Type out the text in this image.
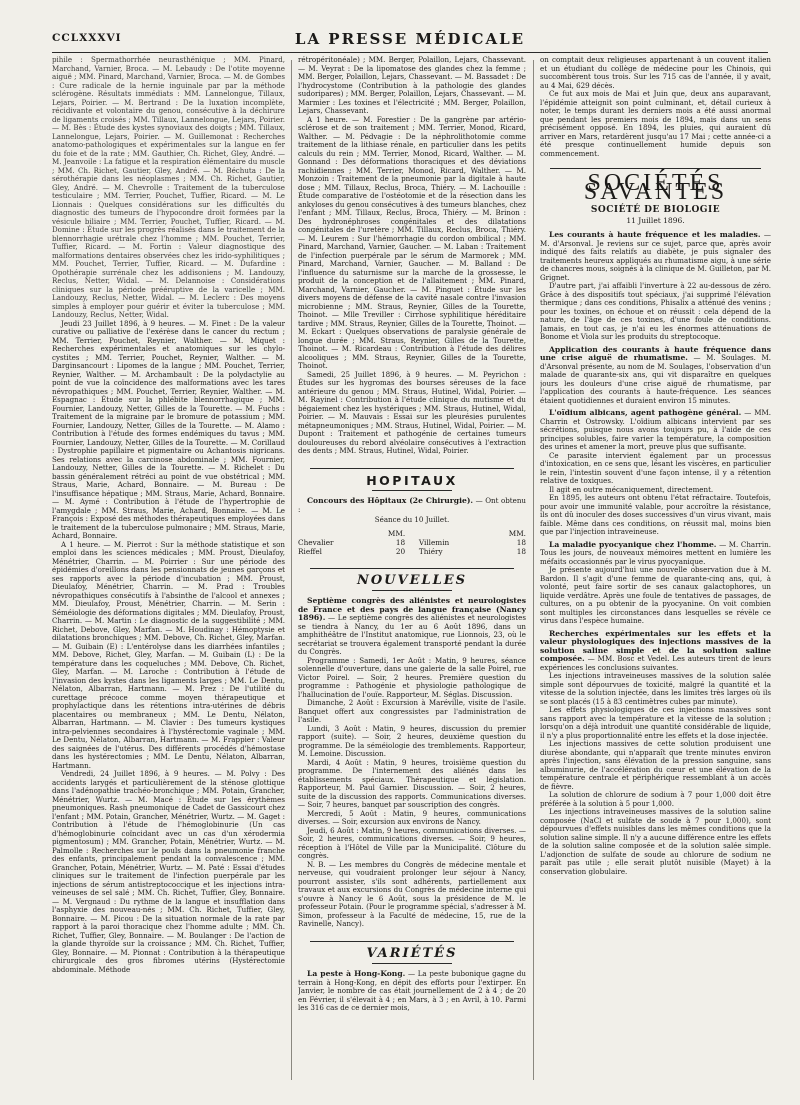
CCLXXXVI	LA PRESSE MÉDICALE

pihile : Spermathorrhée neurasthénique ; MM. Pinard, Marchand, Varnier, Broca. — M. Lebaudy : De l'otite moyenne aiguë ; MM. Pinard, Marchand, Varnier, Broca. — M. de Gombes : Cure radicale de la hernie inguinale par par la méthode sclérogène. Résultats immédiats : MM. Lannelongue, Tillaux, Lejars, Poirier. — M. Bertrand : De la luxation incomplète, récidivante et volontaire du genou, consécutive à la déchirure de ligaments croisés ; MM. Tillaux, Lannelongue, Lejars, Poirier. — M. Bès : Étude des kystes synoviaux des doigts ; MM. Tillaux, Lannelongue, Lejars, Poirier. — M. Guillemonat : Recherches anatomo-pathologiques et expérimentales sur la langue en fer du foie et de la rate ; MM. Gauthier, Ch. Richet, Gley, André. — M. Jeanvoile : La fatigue et la respiration élémentaire du muscle ; MM. Ch. Richet, Gautier, Gley, André. — M. Béchuta : De la sérothérapie dans les néoplasmes ; MM. Ch. Richet, Gautier, Gley, André. — M. Chevrolle : Traitement de la tuberculose testiculaire ; MM. Terrier, Pouchet, Tuffier, Ricard. — M. Le Lionnais : Quelques considérations sur les difficultés du diagnostic des tumeurs de l'hypocondre droit formées par la vésicule biliaire ; MM. Terrier, Pouchet, Tuffier, Ricard. — M. Domine : Étude sur les progrès réalisés dans le traitement de la blennorrhagie urétrale chez l'homme ; MM. Pouchet, Terrier, Tuffier, Ricard. — M. Fortin : Valeur diagnostique des malformations dentaires observées chez les irido-syphilitiques ; MM. Pouchet, Terrier, Tuffier, Ricard. — M. Dufardine : Opothérapie surrénale chez les addisoniens ; M. Landouzy, Reclus, Netter, Widal. — M. Delannoise : Considérations cliniques sur la période prééruptive de la varicelle ; MM. Landouzy, Reclus, Netter, Widal. — M. Leclerc : Des moyens simples à employer pour guérir et éviter la tuberculose ; MM. Landouzy, Reclus, Netter, Widal.

Jeudi 23 Juillet 1896, à 9 heures. — M. Finet : De la valeur curative ou palliative de l'exérèse dans le cancer du rectum ; MM. Terrier, Pouchet, Reynier, Walther. — M. Miquet : Recherches expérimentales et anatomiques sur les chylo-cystites ; MM. Terrier, Pouchet, Reynier, Walther. — M. Darginsancourt : Lipomes de la langue ; MM. Pouchet, Terrier, Reynier, Walther. — M. Archambault : De la polydactylie au point de vue la coïncidence des malformations avec les tares névropathiques ; MM. Pouchet, Terrier, Reynier, Walther. — M. Espagnac : Étude sur la phlébite blennorrhagique ; MM. Fournier, Landouzy, Netter, Gilles de la Tourette. — M. Fuchs : Traitement de la migraine par le bromure de potassium ; MM. Fournier, Landouzy, Netter, Gilles de la Tourette. — M. Alamo : Contribution à l'étude des formes endémiques du tavus ; MM. Fournier, Landouzy, Netter, Gilles de la Tourette. — M. Corillaud : Dystrophie papillaire et pigmentaire ou Achantosis nigricans. Ses relations avec la carcinose abdominale ; MM. Fournier, Landouzy, Netter, Gilles de la Tourette. — M. Richelet : Du bassin généralement rétréci au point de vue obstétrical ; MM. Straus, Marie, Achard, Bonnaire. — M. Bureau : De l'insuffisance hépatique ; MM. Straus, Marie, Achard, Bonnaire. — M. Aymé : Contribution à l'étude de l'hypertrophie de l'amygdale ; MM. Straus, Marie, Achard, Bonnaire. — M. Le François : Exposé des méthodes thérapeutiques employées dans le traitement de la tuberculose pulmonaire ; MM. Straus, Marie, Achard, Bonnaire.

A 1 heure. — M. Pierrot : Sur la méthode statistique et son emploi dans les sciences médicales ; MM. Proust, Dieulafoy, Ménétrier, Charrin. — M. Poirrier : Sur une période des épidémies d'oreillons dans les pensionnats de jeunes garçons et ses rapports avec la période d'incubation ; MM. Proust, Dieulafoy, Ménétrier, Charrin. — M. Prad : Troubles névropathiques consécutifs à l'absinthe de l'alcool et annexes ; MM. Dieulafoy, Proust, Ménétrier, Charrin. — M. Serin : Séméiologie des déformations digitales ; MM. Dieulafoy, Proust, Charrin. — M. Martin : Le diagnostic de la suggestibilité ; MM. Richet, Debove, Gley, Marfan. — M. Houdinay : Hémoptysie et dilatations bronchiques ; MM. Debove, Ch. Richet, Gley, Marfan. — M. Guibain (E) : L'entérolyse dans les diarrhées infantiles ; MM. Debove, Richet, Gley, Marfan. — M. Guibain (L) : De la température dans les coqueluches ; MM. Debove, Ch. Richet, Gley, Marfan. — M. Laroche : Contribution à l'étude de l'invasion des kystes dans les ligaments larges ; MM. Le Dentu, Nélaton, Albarran, Hartmann. — M. Prez : De l'utilité du curettage précoce comme moyen thérapeutique et prophylactique dans les rétentions intra-utérines de débris placentaires ou membraneux ; MM. Le Dentu, Nélaton, Albarran, Hartmann. — M. Clavier : Des tumeurs kystiques intra-pelviennes secondaires à l'hystérectomie vaginale ; MM. Le Dentu, Nélaton, Albarran, Hartmann. — M. Frappier : Valeur des saignées de l'utérus. Des différents procédés d'hémostase dans les hystérectomies ; MM. Le Dentu, Nélaton, Albarran, Hartmann.

Vendredi, 24 Juillet 1896, à 9 heures. — M. Polvy : Des accidents larygés et particulièrement de la sténose glottique dans l'adénopathie trachéo-bronchique ; MM. Potain, Grancher, Ménétrier, Wurtz. — M. Macé : Étude sur les érythèmes pneumoniques. Rash pneumonique de Cadet de Gassicourt chez l'enfant ; MM. Potain, Grancher, Ménétrier, Wurtz. — M. Gaget : Contribution à l'étude de l'hémoglobinurie (Un cas d'hémoglobinurie coïncidant avec un cas d'un xérodermia pigmentosum) ; MM. Grancher, Potain, Ménétrier, Wurtz. — M. Palmolle : Recherches sur le pouls dans la pneumonie franche des enfants, principalement pendant la convalescence ; MM. Grancher, Potain, Ménétrier, Wurtz. — M. Paté : Essai d'études cliniques sur le traitement de l'infection puerpérale par les injections de sérum antistreptococcique et les injections intra-veineuses de sel salé ; MM. Ch. Richet, Tuffier, Gley, Bonnaire. — M. Vergnaud : Du rythme de la langue et insufflation dans l'asphyxie des nouveau-nés ; MM. Ch. Richet, Tuffier, Gley, Bonnaire. — M. Picou : De la situation normale de la rate par rapport à la paroi thoracique chez l'homme adulte ; MM. Ch. Richet, Tuffier, Gley, Bonnaire. — M. Boulanger : De l'action de la glande thyroïde sur la croissance ; MM. Ch. Richet, Tuffier, Gley, Bonnaire. — M. Pionnat : Contribution à la thérapeutique chirurgicale des gros fibromes utérins (Hystérectomie abdominale. Méthode

rétropéritonéale) ; MM. Berger, Polaillon, Lejars, Chassevant. — M. Veyrat : De la lipomatose des glandes chez la femme ; MM. Berger, Polaillon, Lejars, Chassevant. — M. Bassadet : De l'hydrocystome (Contribution à la pathologie des glandes sudoripares) ; MM. Berger, Polaillon, Lejars, Chassevant. — M. Marmier : Les toxines et l'électricité ; MM. Berger, Polaillon, Lejars, Chassevant.

A 1 heure. — M. Forestier : De la gangrène par artério-sclérose et de son traitement ; MM. Terrier, Monod, Ricard, Walther. — M. Pédvagie : De la néphrolithotomie comme traitement de la lithiase rénale, en particulier dans les petits calculs du rein ; MM. Terrier, Monod, Ricard, Walther. — M. Gonnand : Des déformations thoraciques et des déviations rachidiennes ; MM. Terrier, Monod, Ricard, Walther. — M. Monzoin : Traitement de la pneumonie par la digitale à haute dose ; MM. Tillaux, Reclus, Broca, Thiéry. — M. Lachouille : Étude comparative de l'ostéotomie et de la résection dans les ankyloses du genou consécutives à des tumeurs blanches, chez l'enfant ; MM. Tillaux, Reclus, Broca, Thiéry. — M. Brinon : Des hydronéphroses congénitales et des dilatations congénitales de l'uretère ; MM. Tillaux, Reclus, Broca, Thiéry. — M. Leurem : Sur l'hémorrhagie du cordon ombilical ; MM. Pinard, Marchand, Varnier, Gaucher. — M. Laban : Traitement de l'infection puerpérale par le sérum de Marmorek ; MM. Pinard, Marchand, Varnier, Gaucher. — M. Balland : De l'influence du saturnisme sur la marche de la grossesse, le produit de la conception et de l'allaitement ; MM. Pinard, Marchand, Varnier, Gaucher. — M. Pinguet : Étude sur les divers moyens de défense de la cavité nasale contre l'invasion microbienne ; MM. Straus, Reynier, Gilles de la Tourette, Thoinot. — Mlle Treviller : Cirrhose syphilitique héréditaire tardive ; MM. Straus, Reynier, Gilles de la Tourette, Thoinot. — M. Eckart : Quelques observations de paralysie générale de longue durée ; MM. Straus, Reynier, Gilles de la Tourette, Thoinot. — M. Ricardeau : Contribution à l'étude des délires alcooliques ; MM. Straus, Reynier, Gilles de la Tourette, Thoinot.

Samedi, 25 Juillet 1896, à 9 heures. — M. Peyrichon : Études sur les hygromas des bourses séreuses de la face antérieure du genou ; MM. Straus, Hutinel, Widal, Poirier. — M. Rayinel : Contribution à l'étude clinique du mutisme et du bégaiement chez les hystériques ; MM. Straus, Hutinel, Widal, Poirier. — M. Mauvais : Essai sur les pleurésies purulentes métapneumoniques ; MM. Straus, Hutinel, Widal, Poirier. — M. Dupont : Traitement et pathogénie de certaines tumeurs douloureuses du rebord alvéolaire consécutives à l'extraction des dents ; MM. Straus, Hutinel, Widal, Poirier.

HOPITAUX

Concours des Hôpitaux (2e Chirurgie). — Ont obtenu :

Séance du 10 Juillet.
MM.	MM.
Chevalier	18 Villemin	18
Rieffel	20 Thiéry	18
NOUVELLES

Septième congrès des aliénistes et neurologistes de France et des pays de langue française (Nancy 1896). — Le septième congrès des aliénistes et neurologistes se tiendra à Nancy, du 1er au 6 Août 1896, dans un amphithéâtre de l'Institut anatomique, rue Lionnois, 23, où le secrétariat se trouvera également transporté pendant la durée du Congrès.

Programme : Samedi, 1er Août : Matin, 9 heures, séance solennelle d'ouverture, dans une galerie de la salle Poirel, rue Victor Poirel. — Soir, 2 heures. Première question du programme : Pathogénie et physiologie pathologique de l'hallucination de l'ouïe. Rapporteur, M. Séglas. Discussion.

Dimanche, 2 Août : Excursion à Maréville, visite de l'asile. Banquet offert aux congressistes par l'administration de l'asile.

Lundi, 3 Août : Matin, 9 heures, discussion du premier rapport (suite). — Soir, 2 heures, deuxième question du programme. De la séméiologie des tremblements. Rapporteur, M. Lemoine. Discussion.

Mardi, 4 Août : Matin, 9 heures, troisième question du programme. De l'internement des aliénés dans les établissements spéciaux. Thérapeutique et législation. Rapporteur, M. Paul Garnier. Discussion. — Soir, 2 heures, suite de la discussion des rapports. Communications diverses. — Soir, 7 heures, banquet par souscription des congrès.

Mercredi, 5 Août : Matin, 9 heures, communications diverses. — Soir, excursion aux environs de Nancy.

Jeudi, 6 Août : Matin, 9 heures, communications diverses. — Soir, 2 heures, communications diverses. — Soir, 9 heures, réception à l'Hôtel de Ville par la Municipalité. Clôture du congrès.

N. B. — Les membres du Congrès de médecine mentale et nerveuse, qui voudraient prolonger leur séjour à Nancy, pourront assister, s'ils sont adhérents, partiellement aux travaux et aux excursions du Congrès de médecine interne qui s'ouvre à Nancy le 6 Août, sous la présidence de M. le professeur Potain. (Pour le programme spécial, s'adresser à M. Simon, professeur à la Faculté de médecine, 15, rue de la Ravinelle, Nancy).

VARIÉTÉS

La peste à Hong-Kong. — La peste bubonique gagne du terrain à Hong-Kong, en dépit des efforts pour l'extirper. En Janvier, le nombre de cas était journellement de 2 à 4 ; de 20 en Février, il s'élevait à 4 ; en Mars, à 3 ; en Avril, à 10. Parmi les 316 cas de ce dernier mois,

on comptait deux religieuses appartenant à un couvent italien et un étudiant du collège de médecine pour les Chinois, qui succombèrent tous trois. Sur les 715 cas de l'année, il y avait, au 4 Mai, 629 décès.

Ce fut aux mois de Mai et Juin que, deux ans auparavant, l'épidémie atteignit son point culminant, et, détail curieux à noter, le temps durant les derniers mois a été aussi anormal que pendant les premiers mois de 1894, mais dans un sens précisément opposé. En 1894, les pluies, qui auraient dû arriver en Mars, retardèrent jusqu'au 17 Mai ; cette année-ci a été presque continuellement humide depuis son commencement.

SOCIÉTÉS SAVANTES
SOCIÉTÉ DE BIOLOGIE
11 Juillet 1896.

Les courants à haute fréquence et les maladies. — M. d'Arsonval. Je reviens sur ce sujet, parce que, après avoir indiqué des faits relatifs au diabète, je puis signaler des traitements heureux appliqués au rhumatisme aigu, à une série de chancres mous, soignés à la clinique de M. Guilleton, par M. Grignet.

D'autre part, j'ai affaibli l'inverture à 22 au-dessous de zéro. Grâce à des dispositifs tout spéciaux, j'ai supprimé l'élévation thermique ; dans ces conditions, Phisalix a atténué des venins ; pour les toxines, on échoue et on réussit : cela dépend de la nature, de l'âge de ces toxines, d'une foule de conditions. Jamais, en tout cas, je n'ai eu les énormes atténuations de Bonome et Viola sur les produits du streptocoque.

Application des courants à haute fréquence dans une crise aiguë de rhumatisme. — M. Soulages. M. d'Arsonval présente, au nom de M. Soulages, l'observation d'un malade de quarante-six ans, qui vit disparaître en quelques jours les douleurs d'une crise aiguë de rhumatisme, par l'application des courants à haute-fréquence. Les séances étaient quotidiennes et duraient environ 15 minutes.

L'oïdium albicans, agent pathogène général. — MM. Charrin et Ostrowsky. L'oïdium albicans intervient par ses sécrétions, puisque nous avons toujours pu, à l'aide de ces principes solubles, faire varier la température, la composition des urines et amener la mort, preuve plus que suffisante.

Ce parasite intervient également par un processus d'intoxication, en ce sens que, lésant les viscères, en particulier le rein, l'intestin souvent d'une façon intense, il y a rétention relative de toxiques.

Il agit en outre mécaniquement, directement.

En 1895, les auteurs ont obtenu l'état réfractaire. Toutefois, pour avoir une immunité valable, pour accroître la résistance, ils ont dû inoculer des doses successives d'un virus vivant, mais faible. Même dans ces conditions, on réussit mal, moins bien que par l'injection intraveineuse.

La maladie pyocyanique chez l'homme. — M. Charrin. Tous les jours, de nouveaux mémoires mettent en lumière les méfaits occasionnés par le virus pyocyanique.

Je présente aujourd'hui une nouvelle observation due à M. Bardon. Il s'agit d'une femme de quarante-cinq ans, qui, à volonté, peut faire sortir de ses canaux galactophores, un liquide verdâtre. Après une foule de tentatives de passages, de cultures, on a pu obtenir de la pyocyanine. On voit combien sont multiples les circonstances dans lesquelles se révèle ce virus dans l'espèce humaine.

Recherches expérimentales sur les effets et la valeur physiologiques des injections massives de la solution saline simple et de la solution saline composée. — MM. Bosc et Vedel. Les auteurs tirent de leurs expériences les conclusions suivantes.

Les injections intraveineuses massives de la solution salée simple sont dépourvues de toxicité, malgré la quantité et la vitesse de la solution injectée, dans les limites très larges où ils se sont placés (15 à 83 centimètres cubes par minute).

Les effets physiologiques de ces injections massives sont sans rapport avec la température et la vitesse de la solution ; lorsqu'on a déjà introduit une quantité considérable de liquide, il n'y a plus proportionnalité entre les effets et la dose injectée.

Les injections massives de cette solution produisent une diurèse abondante, qui n'apparaît que trente minutes environ après l'injection, sans élévation de la pression sanguine, sans albuminurie, de l'accélération du cœur et une élévation de la température centrale et périphérique ressemblant à un accès de fièvre.

La solution de chlorure de sodium à 7 pour 1,000 doit être préférée à la solution à 5 pour 1,000.

Les injections intraveineuses massives de la solution saline composée (NaCl et sulfate de soude à 7 pour 1,000), sont dépourvues d'effets nuisibles dans les mêmes conditions que la solution saline simple. Il n'y a aucune différence entre les effets de la solution saline composée et de la solution salée simple. L'adjonction de sulfate de soude au chlorure de sodium ne paraît pas utile ; elle serait plutôt nuisible (Mayet) à la conservation globulaire.
